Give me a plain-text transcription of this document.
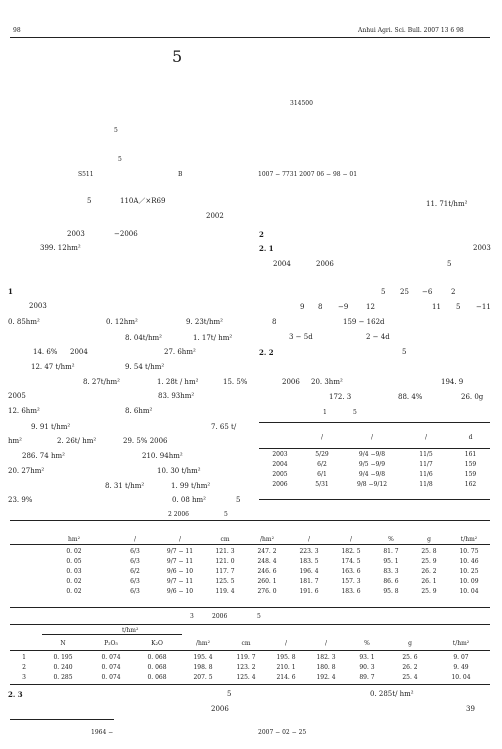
98	Anhui Agri. Sci. Bull. 2007 13 6 98
5
314500
5
5
S511	B	1007 − 7731 2007 06 − 98 − 01
5	110A／×R69
2002
2003	−2006
399. 12hm²
1
2003
0. 85hm²	0. 12hm²	9. 23t/hm²
8. 04t/hm²	1. 17t/ hm²
14. 6% 2004	27. 6hm²
12. 47 t/hm²	9. 54 t/hm²
8. 27t/hm²	1. 28t / hm²	15. 5%
2005	83. 93hm²
12. 6hm²	8. 6hm²
9. 91 t/hm²	7. 65 t/
hm²	2. 26t/ hm²	29. 5% 2006
286. 74 hm²	210. 94hm²
20. 27hm²	10. 30 t/hm²
8. 31 t/hm²	1. 99 t/hm²
23. 9%	0. 08 hm²	5
2 2006	5
11. 71t/hm²
2
2. 1	2003
2004	2006	5
5 25 −6	2
9 8 −9	12	11 5 −11
8	159 − 162d
3 − 5d	2 − 4d
2. 2	5
2006 20. 3hm²	194. 9
172. 3	88. 4%	26. 0g
1	5
	/	/	/	d
2003	5/29	9/4 −9/8	11/5	161
2004	6/2	9/5 −9/9	11/7	159
2005	6/1	9/4 −9/8	11/6	159
2006	5/31	9/8 −9/12	11/8	162
	hm²	/	/	cm	/hm²	/	/	%	g	t/hm²
	0. 02	6/3	9/7 − 11	121. 3	247. 2	223. 3	182. 5	81. 7	25. 8	10. 75
	0. 05	6/3	9/7 − 11	121. 0	248. 4	183. 5	174. 5	95. 1	25. 9	10. 46
	0. 03	6/2	9/6 − 10	117. 7	246. 6	196. 4	163. 6	83. 3	26. 2	10. 25
	0. 02	6/3	9/7 − 11	125. 5	260. 1	181. 7	157. 3	86. 6	26. 1	10. 09
	0. 02	6/3	9/6 − 10	119. 4	276. 0	191. 6	183. 6	95. 8	25. 9	10. 04
3	2006	5
t/hm²
	N	P₂O₅	K₂O	/hm²	cm	/	/	%	g	t/hm²
1	0. 195	0. 074	0. 068	195. 4	119. 7	195. 8	182. 3	93. 1	25. 6	9. 07
2	0. 240	0. 074	0. 068	198. 8	123. 2	210. 1	180. 8	90. 3	26. 2	9. 49
3	0. 285	0. 074	0. 068	207. 5	125. 4	214. 6	192. 4	89. 7	25. 4	10. 04
2. 3	5	0. 285t/ hm²
2006	39
1964 −	2007 − 02 − 25
